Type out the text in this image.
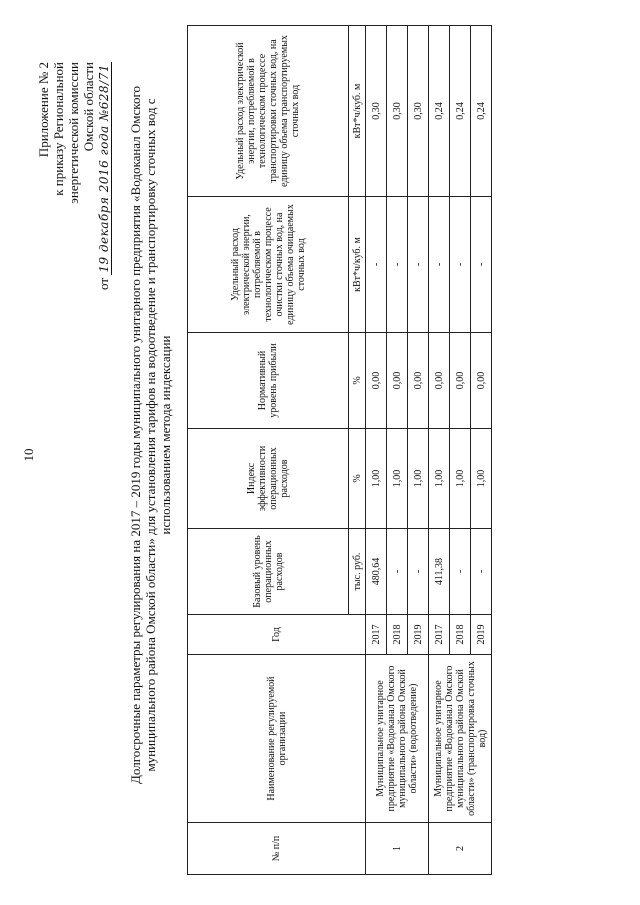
10
Приложение № 2 к приказу Региональной энергетической комиссии Омской области
от 19 декабря 2016 года №628/71 Долгосрочные параметры регулирования на 2017 – 2019 годы муниципального унитарного предприятия «Водоканал Омского муниципального района Омской области» для установления тарифов на водоотведение и транспортировку сточных вод с использованием метода индексации
№ п/п	Наименование регулируемой организации	Год	Базовый уровень операционных расходов	Индекс эффективности операционных расходов	Нормативный уровень прибыли	Удельный расход электрической энергии, потребляемой в технологическом процессе очистки сточных вод, на единицу объема очищаемых сточных вод	Удельный расход электрической энергии, потребляемой в технологическом процессе транспортировки сточных вод, на единицу объема транспортируемых сточных вод
			тыс. руб.	%	%	кВт*ч/куб. м	кВт*ч/куб. м
1	Муниципальное унитарное предприятие «Водоканал Омского муниципального района Омской области» (водоотведение)	2017	480,64	1,00	0,00	-	0,30
		2018	-	1,00	0,00	-	0,30
		2019	-	1,00	0,00	-	0,30
2	Муниципальное унитарное предприятие «Водоканал Омского муниципального района Омской области» (транспортировка сточных вод)	2017	411,38	1,00	0,00	-	0,24
		2018	-	1,00	0,00	-	0,24
		2019	-	1,00	0,00	-	0,24
